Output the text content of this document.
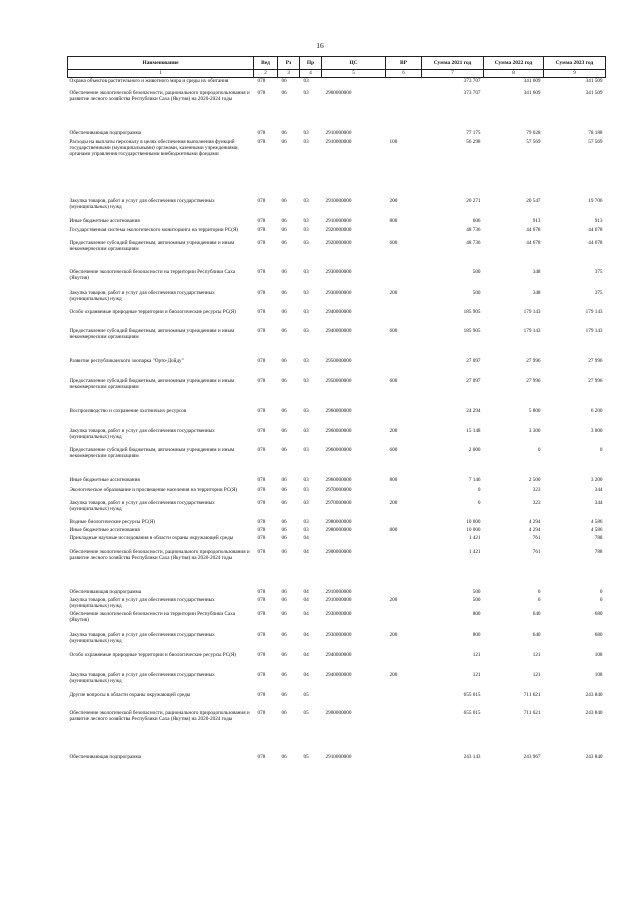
16
Наименование	Вед	Рз	Пр	ЦС	ВР	Сумма 2021 год	Сумма 2022 год	Сумма 2023 год
1	2	3	4	5	6	7	8	9
Охрана объектов растительного и животного мира и среды их обитания	078	06	03			373 707	341 609	341 509
Обеспечение экологической безопасности, рационального природопользования и развитие лесного хозяйства Республики Саха (Якутия) на 2020-2024 годы	078	06	03	2900000000		373 707	341 609	341 509
Обеспечивающая подпрограмма	078	06	03	2910000000		77 175	79 028	78 188
Расходы на выплаты персоналу в целях обеспечения выполнения функций государственными (муниципальными) органами, казенными учреждениями, органами управления государственными внебюджетными фондами	078	06	03	2910000000	100	56 298	57 569	57 569
Закупка товаров, работ и услуг для обеспечения государственных (муниципальных) нужд	078	06	03	2910000000	200	20 271	20 547	19 706
Иные бюджетные ассигнования	078	06	03	2910000000	800	606	913	913
Государственная система экологического мониторинга на территории РС(Я)	078	06	03	2920000000		48 736	44 678	44 678
Предоставление субсидий бюджетным, автономным учреждениям и иным некоммерческим организациям	078	06	03	2920000000	600	48 736	44 678	44 678
Обеспечение экологической безопасности на территории Республики Саха (Якутия)	078	06	03	2930000000		500	348	375
Закупка товаров, работ и услуг для обеспечения государственных (муниципальных) нужд	078	06	03	2930000000	200	500	348	375
Особо охраняемые природные территории и биологические ресурсы РС(Я)	078	06	03	2940000000		185 905	179 143	179 143
Предоставление субсидий бюджетным, автономным учреждениям и иным некоммерческим организациям	078	06	03	2940000000	600	185 905	179 143	179 143
Развитие республиканского зоопарка "Орто-Дойду"	078	06	03	2950000000		27 097	27 996	27 996
Предоставление субсидий бюджетным, автономным учреждениям и иным некоммерческим организациям	078	06	03	2950000000	600	27 097	27 996	27 996
Воспроизводство и сохранение охотничьих ресурсов	078	06	03	2960000000		24 294	5 800	6 200
Закупка товаров, работ и услуг для обеспечения государственных (муниципальных) нужд	078	06	03	2960000000	200	15 148	3 300	3 000
Предоставление субсидий бюджетным, автономным учреждениям и иным некоммерческим организациям	078	06	03	2960000000	600	2 000	0	0
Иные бюджетные ассигнования	078	06	03	2960000000	800	7 146	2 500	3 200
Экологическое образование и просвещение населения на территории РС(Я)	078	06	03	2970000000		0	323	344
Закупка товаров, работ и услуг для обеспечения государственных (муниципальных) нужд	078	06	03	2970000000	200	0	323	344
Водные биологические ресурсы РС(Я)	078	06	03	2980000000		10 000	4 294	4 586
Иные бюджетные ассигнования	078	06	03	2980000000	800	10 000	4 294	4 586
Прикладные научные исследования в области охраны окружающей среды	078	06	04			1 421	761	788
Обеспечение экологической безопасности, рационального природопользования и развитие лесного хозяйства Республики Саха (Якутия) на 2020-2024 годы	078	06	04	2900000000		1 421	761	788
Обеспечивающая подпрограмма	078	06	04	2910000000		500	0	0
Закупка товаров, работ и услуг для обеспечения государственных (муниципальных) нужд	078	06	04	2910000000	200	500	0	0
Обеспечение экологической безопасности на территории Республики Саха (Якутия)	078	06	04	2930000000		800	640	680
Закупка товаров, работ и услуг для обеспечения государственных (муниципальных) нужд	078	06	04	2930000000	200	800	640	680
Особо охраняемые природные территории и биологические ресурсы РС(Я)	078	06	04	2940000000		121	121	108
Закупка товаров, работ и услуг для обеспечения государственных (муниципальных) нужд	078	06	04	2940000000	200	121	121	108
Другие вопросы в области охраны окружающей среды	078	06	05			655 015	711 621	243 840
Обеспечение экологической безопасности, рационального природопользования и развитие лесного хозяйства Республики Саха (Якутия) на 2020-2024 годы	078	06	05	2900000000		655 015	711 621	243 840
Обеспечивающая подпрограмма	078	06	05	2910000000		243 143	243 967	243 840
